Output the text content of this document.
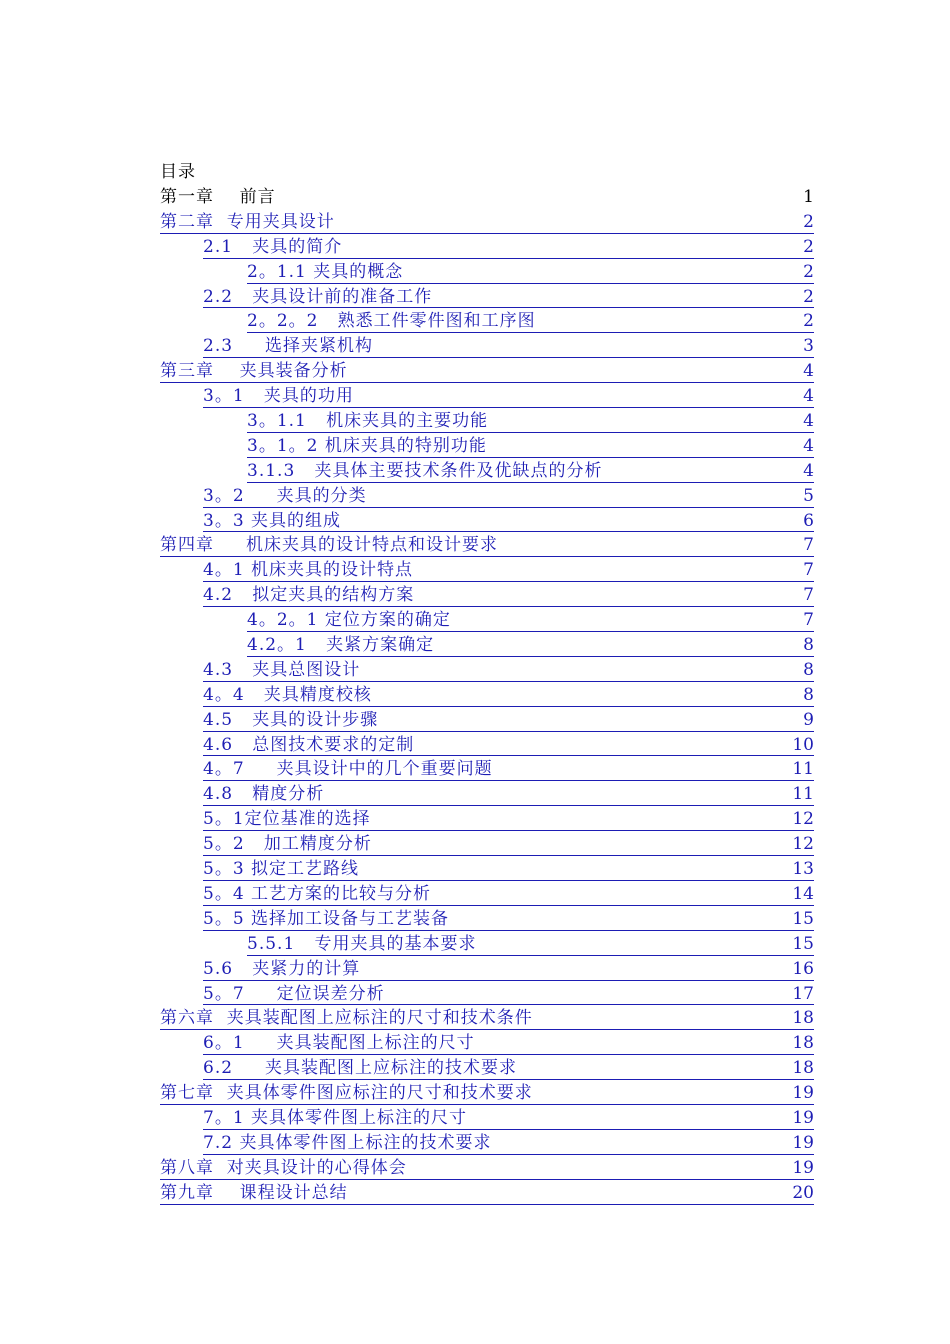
目录
第一章    前言	1
第二章  专用夹具设计	2
2.1   夹具的简介	2
2。1.1 夹具的概念	2
2.2   夹具设计前的准备工作	2
2。2。2   熟悉工件零件图和工序图	2
2.3     选择夹紧机构	3
第三章    夹具装备分析	4
3。1   夹具的功用	4
3。1.1   机床夹具的主要功能	4
3。1。2 机床夹具的特别功能	4
3.1.3   夹具体主要技术条件及优缺点的分析	4
3。2     夹具的分类	5
3。3 夹具的组成	6
第四章     机床夹具的设计特点和设计要求	7
4。1 机床夹具的设计特点	7
4.2   拟定夹具的结构方案	7
4。2。1 定位方案的确定	7
4.2。1   夹紧方案确定	8
4.3   夹具总图设计	8
4。4   夹具精度校核	8
4.5   夹具的设计步骤	9
4.6   总图技术要求的定制	10
4。7     夹具设计中的几个重要问题	11
4.8   精度分析	11
5。1定位基准的选择	12
5。2   加工精度分析	12
5。3 拟定工艺路线	13
5。4 工艺方案的比较与分析	14
5。5 选择加工设备与工艺装备	15
5.5.1   专用夹具的基本要求	15
5.6   夹紧力的计算	16
5。7     定位误差分析	17
第六章  夹具装配图上应标注的尺寸和技术条件	18
6。1     夹具装配图上标注的尺寸	18
6.2     夹具装配图上应标注的技术要求	18
第七章  夹具体零件图应标注的尺寸和技术要求	19
7。1 夹具体零件图上标注的尺寸	19
7.2 夹具体零件图上标注的技术要求	19
第八章  对夹具设计的心得体会	19
第九章    课程设计总结	20
